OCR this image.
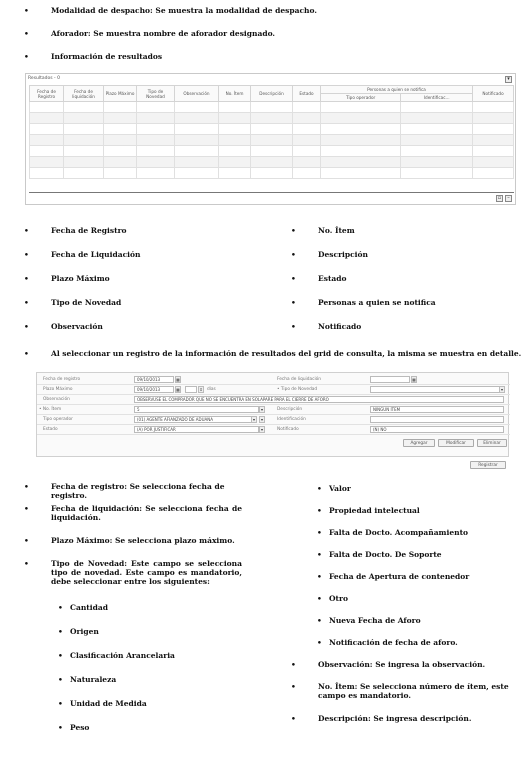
•	Modalidad de despacho: Se muestra la modalidad de despacho.
•	Aforador: Se muestra nombre de aforador designado.
•	Información de resultados
Resultados - 0	▾
Fecha de Registro	Fecha de liquidación	Plazo Máximo	Tipo de Novedad	Observación	No. Ítem	Descripción	Estado	Personas a quien se notifica		Notificado
								Tipo operador	Identificac...	

▫	–
•	Fecha de Registro
•	Fecha de Liquidación
•	Plazo Máximo
•	Tipo de Novedad
•	Observación
•	No. Ítem
•	Descripción
•	Estado
•	Personas a quien se notifica
•	Notificado
•	Al seleccionar un registro de la información de resultados del grid de consulta, la misma se muestra en detalle.
Fecha de registro	09/10/2013	▦	Fecha de liquidación	▦
Plazo Máximo	09/10/2013	▦	⇕	días	• Tipo de Novedad	▾
Observación	OBSERVUSE EL COMPRADOR QUE NO SE ENCUENTRA EN SOLAPARE PARA EL CIERRE DE AFORO
• No. Ítem	5	▾	Descripción	NINGUN ITEM
Tipo operador	(01) AGENTE AFIANZADO DE ADUANA	▾	▾	Identificación
Estado	(A) POR JUSTIFICAR	▾	Notificado	(N) NO
Agregar	Modificar	Eliminar
Registrar
•	Fecha de registro: Se selecciona fecha de registro.
•	Fecha de liquidación: Se selecciona fecha de liquidación.
•	Plazo Máximo: Se selecciona plazo máximo.
•	Tipo de Novedad: Este campo se selecciona tipo de novedad. Este campo es mandatorio, debe seleccionar entre los siguientes:
• Cantidad
• Origen
• Clasificación Arancelaria
• Naturaleza
• Unidad de Medida
• Peso
• Valor
• Propiedad intelectual
• Falta de Docto. Acompañamiento
• Falta de Docto. De Soporte
• Fecha de Apertura de contenedor
• Otro
• Nueva Fecha de Aforo
• Notificación de fecha de aforo.
•	Observación: Se ingresa la observación.
•	No. Ítem: Se selecciona número de ítem, este campo es mandatorio.
•	Descripción: Se ingresa descripción.
